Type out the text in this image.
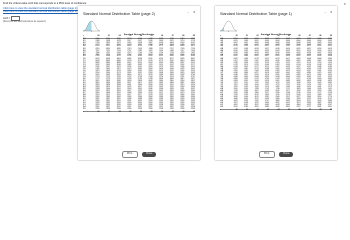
Find the critical value zα/2 that corresponds to a 95% level of confidence.
Click here to view the standard normal distribution table (page 1).
Click here to view the standard normal distribution table (page 2).
zα/2 =
(Round to two decimal places as needed.)
✕
– ✕
Standard Normal Distribution Table (page 2)
0
Standard Normal Distribution
z	.00	.01	.02	.03	.04	.05	.06	.07	.08	.09
0.0	.5000	.5040	.5080	.5120	.5160	.5199	.5239	.5279	.5319	.5359
0.1	.5398	.5438	.5478	.5517	.5557	.5596	.5636	.5675	.5714	.5753
0.2	.5793	.5832	.5871	.5910	.5948	.5987	.6026	.6064	.6103	.6141
0.3	.6179	.6217	.6255	.6293	.6331	.6368	.6406	.6443	.6480	.6517
0.4	.6554	.6591	.6628	.6664	.6700	.6736	.6772	.6808	.6844	.6879
0.5	.6915	.6950	.6985	.7019	.7054	.7088	.7123	.7157	.7190	.7224
0.6	.7257	.7291	.7324	.7357	.7389	.7422	.7454	.7486	.7517	.7549
0.7	.7580	.7611	.7642	.7673	.7704	.7734	.7764	.7794	.7823	.7852
0.8	.7881	.7910	.7939	.7967	.7995	.8023	.8051	.8078	.8106	.8133
0.9	.8159	.8186	.8212	.8238	.8264	.8289	.8315	.8340	.8365	.8389
1.0	.8413	.8438	.8461	.8485	.8508	.8531	.8554	.8577	.8599	.8621
1.1	.8643	.8665	.8686	.8708	.8729	.8749	.8770	.8790	.8810	.8830
1.2	.8849	.8869	.8888	.8907	.8925	.8944	.8962	.8980	.8997	.9015
1.3	.9032	.9049	.9066	.9082	.9099	.9115	.9131	.9147	.9162	.9177
1.4	.9192	.9207	.9222	.9236	.9251	.9265	.9279	.9292	.9306	.9319
1.5	.9332	.9345	.9357	.9370	.9382	.9394	.9406	.9418	.9429	.9441
1.6	.9452	.9463	.9474	.9484	.9495	.9505	.9515	.9525	.9535	.9545
1.7	.9554	.9564	.9573	.9582	.9591	.9599	.9608	.9616	.9625	.9633
1.8	.9641	.9649	.9656	.9664	.9671	.9678	.9686	.9693	.9699	.9706
1.9	.9713	.9719	.9726	.9732	.9738	.9744	.9750	.9756	.9761	.9767
2.0	.9772	.9778	.9783	.9788	.9793	.9798	.9803	.9808	.9812	.9817
2.1	.9821	.9826	.9830	.9834	.9838	.9842	.9846	.9850	.9854	.9857
2.2	.9861	.9864	.9868	.9871	.9875	.9878	.9881	.9884	.9887	.9890
2.3	.9893	.9896	.9898	.9901	.9904	.9906	.9909	.9911	.9913	.9916
2.4	.9918	.9920	.9922	.9925	.9927	.9929	.9931	.9932	.9934	.9936
2.5	.9938	.9940	.9941	.9943	.9945	.9946	.9948	.9949	.9951	.9952
2.6	.9953	.9955	.9956	.9957	.9959	.9960	.9961	.9962	.9963	.9964
2.7	.9965	.9966	.9967	.9968	.9969	.9970	.9971	.9972	.9973	.9974
2.8	.9974	.9975	.9976	.9977	.9977	.9978	.9979	.9979	.9980	.9981
2.9	.9981	.9982	.9982	.9983	.9984	.9984	.9985	.9985	.9986	.9986
3.0	.9987	.9987	.9987	.9988	.9988	.9989	.9989	.9989	.9990	.9990
3.1	.9990	.9991	.9991	.9991	.9992	.9992	.9992	.9992	.9993	.9993
3.2	.9993	.9993	.9994	.9994	.9994	.9994	.9994	.9995	.9995	.9995
3.3	.9995	.9995	.9995	.9996	.9996	.9996	.9996	.9996	.9996	.9997
3.4	.9997	.9997	.9997	.9997	.9997	.9997	.9997	.9997	.9997	.9998
3.5	.9998	.9998	.9998	.9998	.9998	.9998	.9998	.9998	.9998	.9998
z	.00	.01	.02	.03	.04	.05	.06	.07	.08	.09
Print	Done
– ✕
Standard Normal Distribution Table (page 1)
0
Standard Normal Distribution
z	.00	.01	.02	.03	.04	.05	.06	.07	.08	.09
-3.4	.0003	.0003	.0003	.0003	.0003	.0003	.0003	.0003	.0003	.0002
-3.3	.0005	.0005	.0005	.0004	.0004	.0004	.0004	.0004	.0004	.0003
-3.2	.0007	.0007	.0006	.0006	.0006	.0006	.0006	.0005	.0005	.0005
-3.1	.0010	.0009	.0009	.0009	.0008	.0008	.0008	.0008	.0007	.0007
-3.0	.0013	.0013	.0013	.0012	.0012	.0011	.0011	.0011	.0010	.0010
-2.9	.0019	.0018	.0018	.0017	.0016	.0016	.0015	.0015	.0014	.0014
-2.8	.0026	.0025	.0024	.0023	.0023	.0022	.0021	.0021	.0020	.0019
-2.7	.0035	.0034	.0033	.0032	.0031	.0030	.0029	.0028	.0027	.0026
-2.6	.0047	.0045	.0044	.0043	.0041	.0040	.0039	.0038	.0037	.0036
-2.5	.0062	.0060	.0059	.0057	.0055	.0054	.0052	.0051	.0049	.0048
-2.4	.0082	.0080	.0078	.0075	.0073	.0071	.0069	.0068	.0066	.0064
-2.3	.0107	.0104	.0102	.0099	.0096	.0094	.0091	.0089	.0087	.0084
-2.2	.0139	.0136	.0132	.0129	.0125	.0122	.0119	.0116	.0113	.0110
-2.1	.0179	.0174	.0170	.0166	.0162	.0158	.0154	.0150	.0146	.0143
-2.0	.0228	.0222	.0217	.0212	.0207	.0202	.0197	.0192	.0188	.0183
-1.9	.0287	.0281	.0274	.0268	.0262	.0256	.0250	.0244	.0239	.0233
-1.8	.0359	.0351	.0344	.0336	.0329	.0322	.0314	.0307	.0301	.0294
-1.7	.0446	.0436	.0427	.0418	.0409	.0401	.0392	.0384	.0375	.0367
-1.6	.0548	.0537	.0526	.0516	.0505	.0495	.0485	.0475	.0465	.0455
-1.5	.0668	.0655	.0643	.0630	.0618	.0606	.0594	.0582	.0571	.0559
-1.4	.0808	.0793	.0778	.0764	.0749	.0735	.0721	.0708	.0694	.0681
-1.3	.0968	.0951	.0934	.0918	.0901	.0885	.0869	.0853	.0838	.0823
-1.2	.1151	.1131	.1112	.1093	.1075	.1056	.1038	.1020	.1003	.0985
-1.1	.1357	.1335	.1314	.1292	.1271	.1251	.1230	.1210	.1190	.1170
-1.0	.1587	.1562	.1539	.1515	.1492	.1469	.1446	.1423	.1401	.1379
-0.9	.1841	.1814	.1788	.1762	.1736	.1711	.1685	.1660	.1635	.1611
-0.8	.2119	.2090	.2061	.2033	.2005	.1977	.1949	.1922	.1894	.1867
-0.7	.2420	.2389	.2358	.2327	.2296	.2266	.2236	.2206	.2177	.2148
-0.6	.2743	.2709	.2676	.2643	.2611	.2578	.2546	.2514	.2483	.2451
-0.5	.3085	.3050	.3015	.2981	.2946	.2912	.2877	.2843	.2810	.2776
-0.4	.3446	.3409	.3372	.3336	.3300	.3264	.3228	.3192	.3156	.3121
-0.3	.3821	.3783	.3745	.3707	.3669	.3632	.3594	.3557	.3520	.3483
-0.2	.4207	.4168	.4129	.4090	.4052	.4013	.3974	.3936	.3897	.3859
-0.1	.4602	.4562	.4522	.4483	.4443	.4404	.4364	.4325	.4286	.4247
-0.0	.5000	.4960	.4920	.4880	.4840	.4801	.4761	.4721	.4681	.4641
z	.00	.01	.02	.03	.04	.05	.06	.07	.08	.09
Print	Done
